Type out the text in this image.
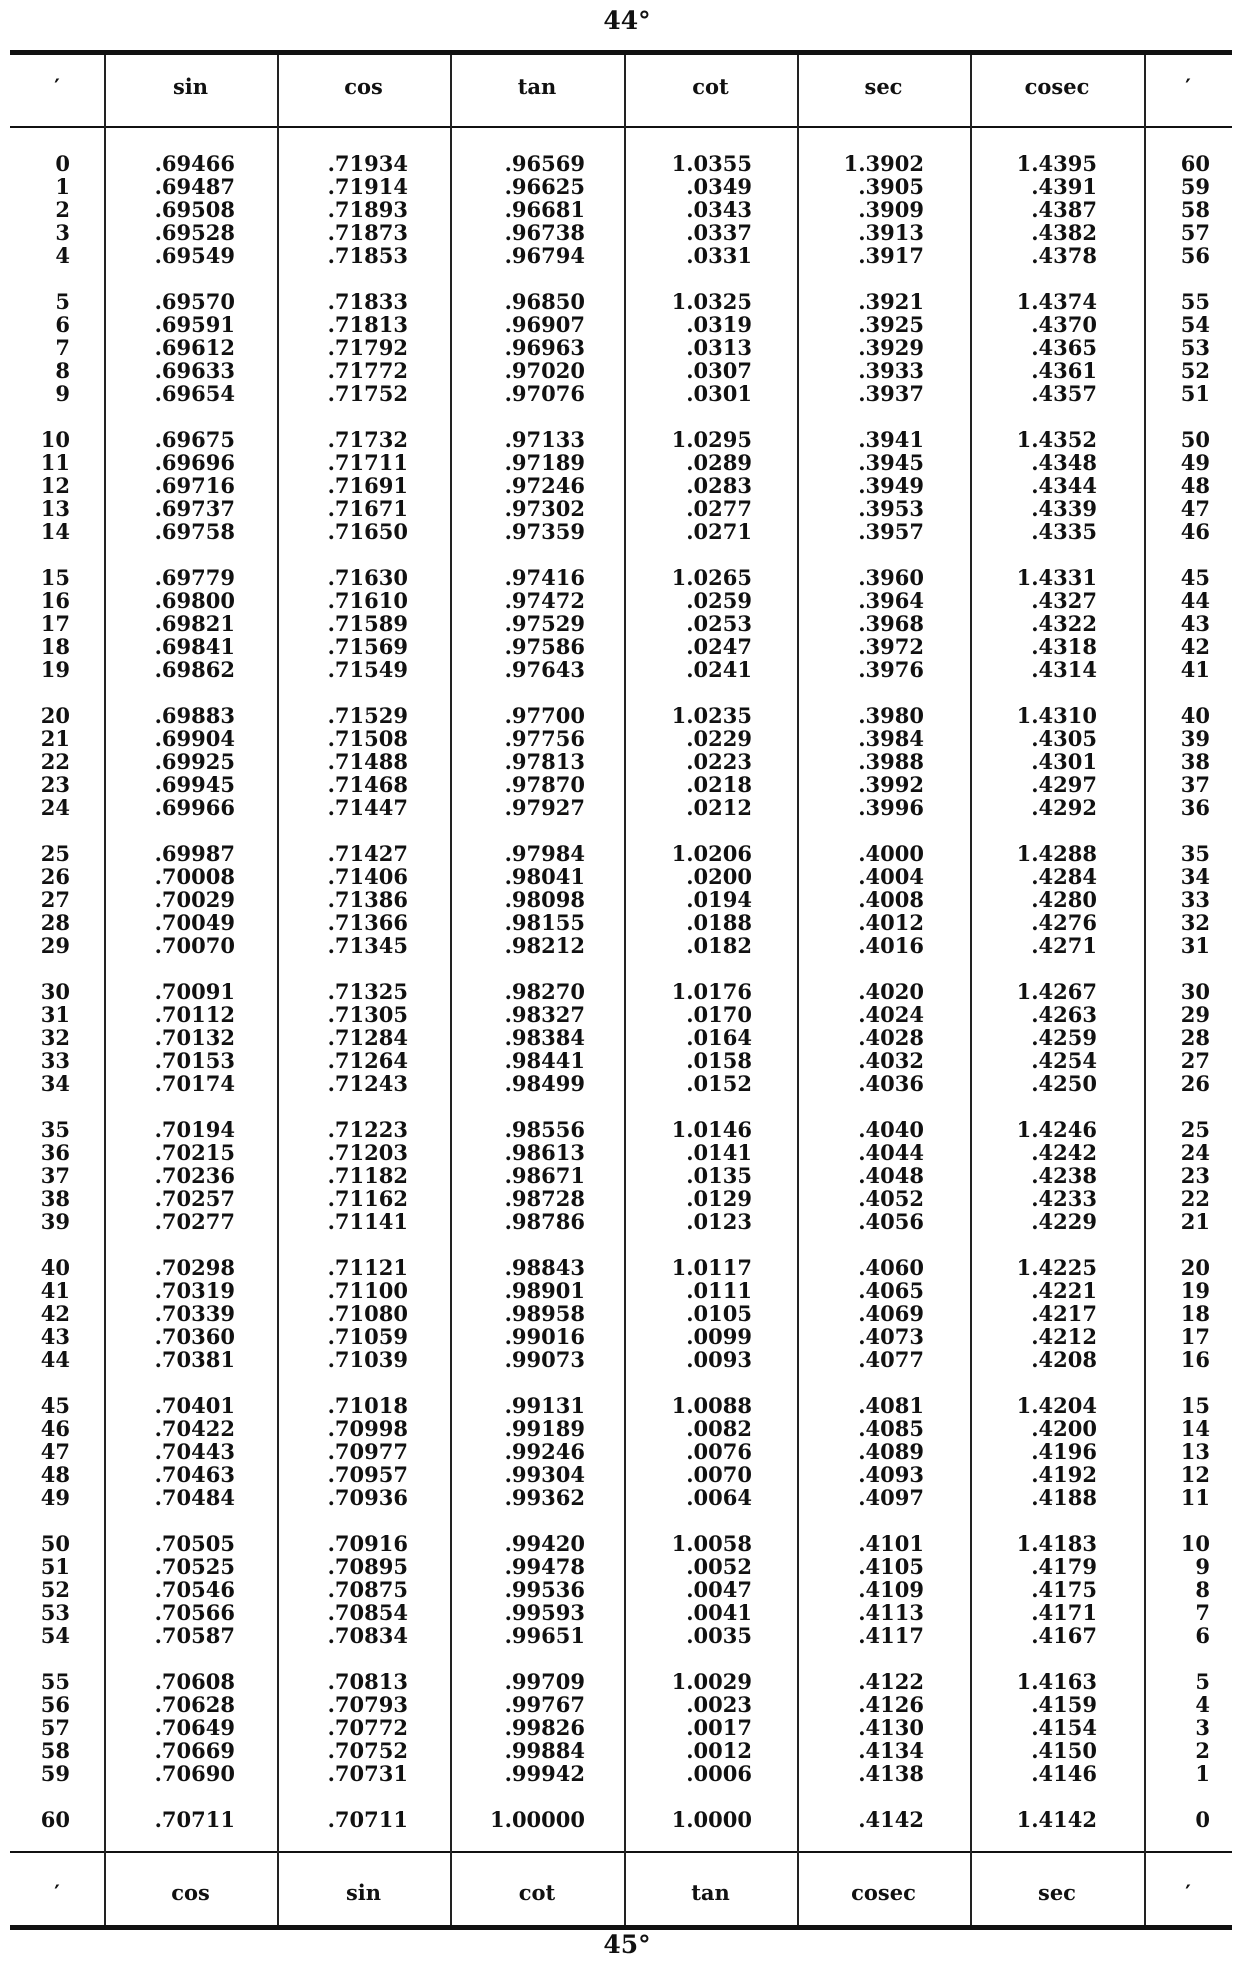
44°
45°
′	sin	cos	tan	cot	sec	cosec	′
0	.69466	.71934	.96569	1.0355	1.3902	1.4395	60
1	.69487	.71914	.96625	.0349	.3905	.4391	59
2	.69508	.71893	.96681	.0343	.3909	.4387	58
3	.69528	.71873	.96738	.0337	.3913	.4382	57
4	.69549	.71853	.96794	.0331	.3917	.4378	56
5	.69570	.71833	.96850	1.0325	.3921	1.4374	55
6	.69591	.71813	.96907	.0319	.3925	.4370	54
7	.69612	.71792	.96963	.0313	.3929	.4365	53
8	.69633	.71772	.97020	.0307	.3933	.4361	52
9	.69654	.71752	.97076	.0301	.3937	.4357	51
10	.69675	.71732	.97133	1.0295	.3941	1.4352	50
11	.69696	.71711	.97189	.0289	.3945	.4348	49
12	.69716	.71691	.97246	.0283	.3949	.4344	48
13	.69737	.71671	.97302	.0277	.3953	.4339	47
14	.69758	.71650	.97359	.0271	.3957	.4335	46
15	.69779	.71630	.97416	1.0265	.3960	1.4331	45
16	.69800	.71610	.97472	.0259	.3964	.4327	44
17	.69821	.71589	.97529	.0253	.3968	.4322	43
18	.69841	.71569	.97586	.0247	.3972	.4318	42
19	.69862	.71549	.97643	.0241	.3976	.4314	41
20	.69883	.71529	.97700	1.0235	.3980	1.4310	40
21	.69904	.71508	.97756	.0229	.3984	.4305	39
22	.69925	.71488	.97813	.0223	.3988	.4301	38
23	.69945	.71468	.97870	.0218	.3992	.4297	37
24	.69966	.71447	.97927	.0212	.3996	.4292	36
25	.69987	.71427	.97984	1.0206	.4000	1.4288	35
26	.70008	.71406	.98041	.0200	.4004	.4284	34
27	.70029	.71386	.98098	.0194	.4008	.4280	33
28	.70049	.71366	.98155	.0188	.4012	.4276	32
29	.70070	.71345	.98212	.0182	.4016	.4271	31
30	.70091	.71325	.98270	1.0176	.4020	1.4267	30
31	.70112	.71305	.98327	.0170	.4024	.4263	29
32	.70132	.71284	.98384	.0164	.4028	.4259	28
33	.70153	.71264	.98441	.0158	.4032	.4254	27
34	.70174	.71243	.98499	.0152	.4036	.4250	26
35	.70194	.71223	.98556	1.0146	.4040	1.4246	25
36	.70215	.71203	.98613	.0141	.4044	.4242	24
37	.70236	.71182	.98671	.0135	.4048	.4238	23
38	.70257	.71162	.98728	.0129	.4052	.4233	22
39	.70277	.71141	.98786	.0123	.4056	.4229	21
40	.70298	.71121	.98843	1.0117	.4060	1.4225	20
41	.70319	.71100	.98901	.0111	.4065	.4221	19
42	.70339	.71080	.98958	.0105	.4069	.4217	18
43	.70360	.71059	.99016	.0099	.4073	.4212	17
44	.70381	.71039	.99073	.0093	.4077	.4208	16
45	.70401	.71018	.99131	1.0088	.4081	1.4204	15
46	.70422	.70998	.99189	.0082	.4085	.4200	14
47	.70443	.70977	.99246	.0076	.4089	.4196	13
48	.70463	.70957	.99304	.0070	.4093	.4192	12
49	.70484	.70936	.99362	.0064	.4097	.4188	11
50	.70505	.70916	.99420	1.0058	.4101	1.4183	10
51	.70525	.70895	.99478	.0052	.4105	.4179	9
52	.70546	.70875	.99536	.0047	.4109	.4175	8
53	.70566	.70854	.99593	.0041	.4113	.4171	7
54	.70587	.70834	.99651	.0035	.4117	.4167	6
55	.70608	.70813	.99709	1.0029	.4122	1.4163	5
56	.70628	.70793	.99767	.0023	.4126	.4159	4
57	.70649	.70772	.99826	.0017	.4130	.4154	3
58	.70669	.70752	.99884	.0012	.4134	.4150	2
59	.70690	.70731	.99942	.0006	.4138	.4146	1
60	.70711	.70711	1.00000	1.0000	.4142	1.4142	0
′	cos	sin	cot	tan	cosec	sec	′
